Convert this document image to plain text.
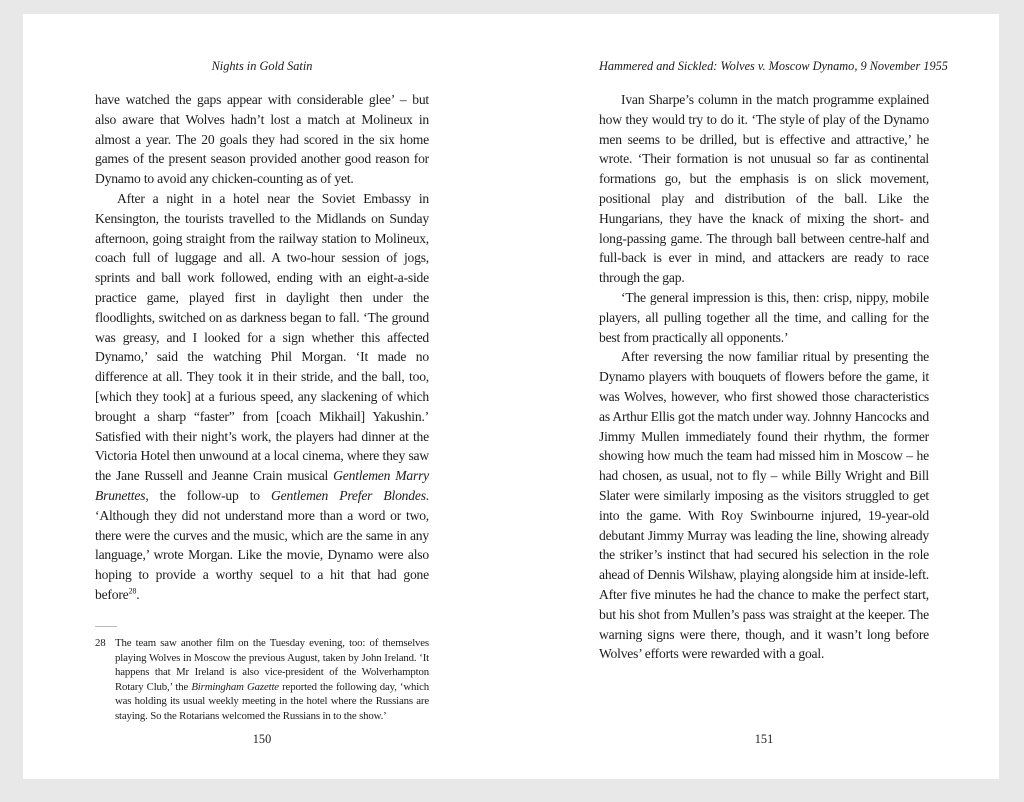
Nights in Gold Satin

have watched the gaps appear with considerable glee’ – but also aware that Wolves hadn’t lost a match at Molineux in almost a year. The 20 goals they had scored in the six home games of the present season provided another good reason for Dynamo to avoid any chicken-counting as of yet.

After a night in a hotel near the Soviet Embassy in Kensington, the tourists travelled to the Midlands on Sunday afternoon, going straight from the railway station to Molineux, coach full of luggage and all. A two-hour session of jogs, sprints and ball work followed, ending with an eight-a-side practice game, played first in daylight then under the floodlights, switched on as darkness began to fall. ‘The ground was greasy, and I looked for a sign whether this affected Dynamo,’ said the watching Phil Morgan. ‘It made no difference at all. They took it in their stride, and the ball, too, [which they took] at a furious speed, any slackening of which brought a sharp “faster” from [coach Mikhail] Yakushin.’ Satisfied with their night’s work, the players had dinner at the Victoria Hotel then unwound at a local cinema, where they saw the Jane Russell and Jeanne Crain musical Gentlemen Marry Brunettes, the follow-up to Gentlemen Prefer Blondes. ‘Although they did not understand more than a word or two, there were the curves and the music, which are the same in any language,’ wrote Morgan. Like the movie, Dynamo were also hoping to provide a worthy sequel to a hit that had gone before$^{28}$.

28 The team saw another film on the Tuesday evening, too: of themselves playing Wolves in Moscow the previous August, taken by John Ireland. ‘It happens that Mr Ireland is also vice-president of the Wolverhampton Rotary Club,’ the Birmingham Gazette reported the following day, ‘which was holding its usual weekly meeting in the hotel where the Russians are staying. So the Rotarians welcomed the Russians in to the show.’
150
Hammered and Sickled: Wolves v. Moscow Dynamo, 9 November 1955

Ivan Sharpe’s column in the match programme explained how they would try to do it. ‘The style of play of the Dynamo men seems to be drilled, but is effective and attractive,’ he wrote. ‘Their formation is not unusual so far as continental formations go, but the emphasis is on slick movement, positional play and distribution of the ball. Like the Hungarians, they have the knack of mixing the short- and long-passing game. The through ball between centre-half and full-back is ever in mind, and attackers are ready to race through the gap.

‘The general impression is this, then: crisp, nippy, mobile players, all pulling together all the time, and calling for the best from practically all opponents.’

After reversing the now familiar ritual by presenting the Dynamo players with bouquets of flowers before the game, it was Wolves, however, who first showed those characteristics as Arthur Ellis got the match under way. Johnny Hancocks and Jimmy Mullen immediately found their rhythm, the former showing how much the team had missed him in Moscow – he had chosen, as usual, not to fly – while Billy Wright and Bill Slater were similarly imposing as the visitors struggled to get into the game. With Roy Swinbourne injured, 19-year-old debutant Jimmy Murray was leading the line, showing already the striker’s instinct that had secured his selection in the role ahead of Dennis Wilshaw, playing alongside him at inside-left. After five minutes he had the chance to make the perfect start, but his shot from Mullen’s pass was straight at the keeper. The warning signs were there, though, and it wasn’t long before Wolves’ efforts were rewarded with a goal.

151
